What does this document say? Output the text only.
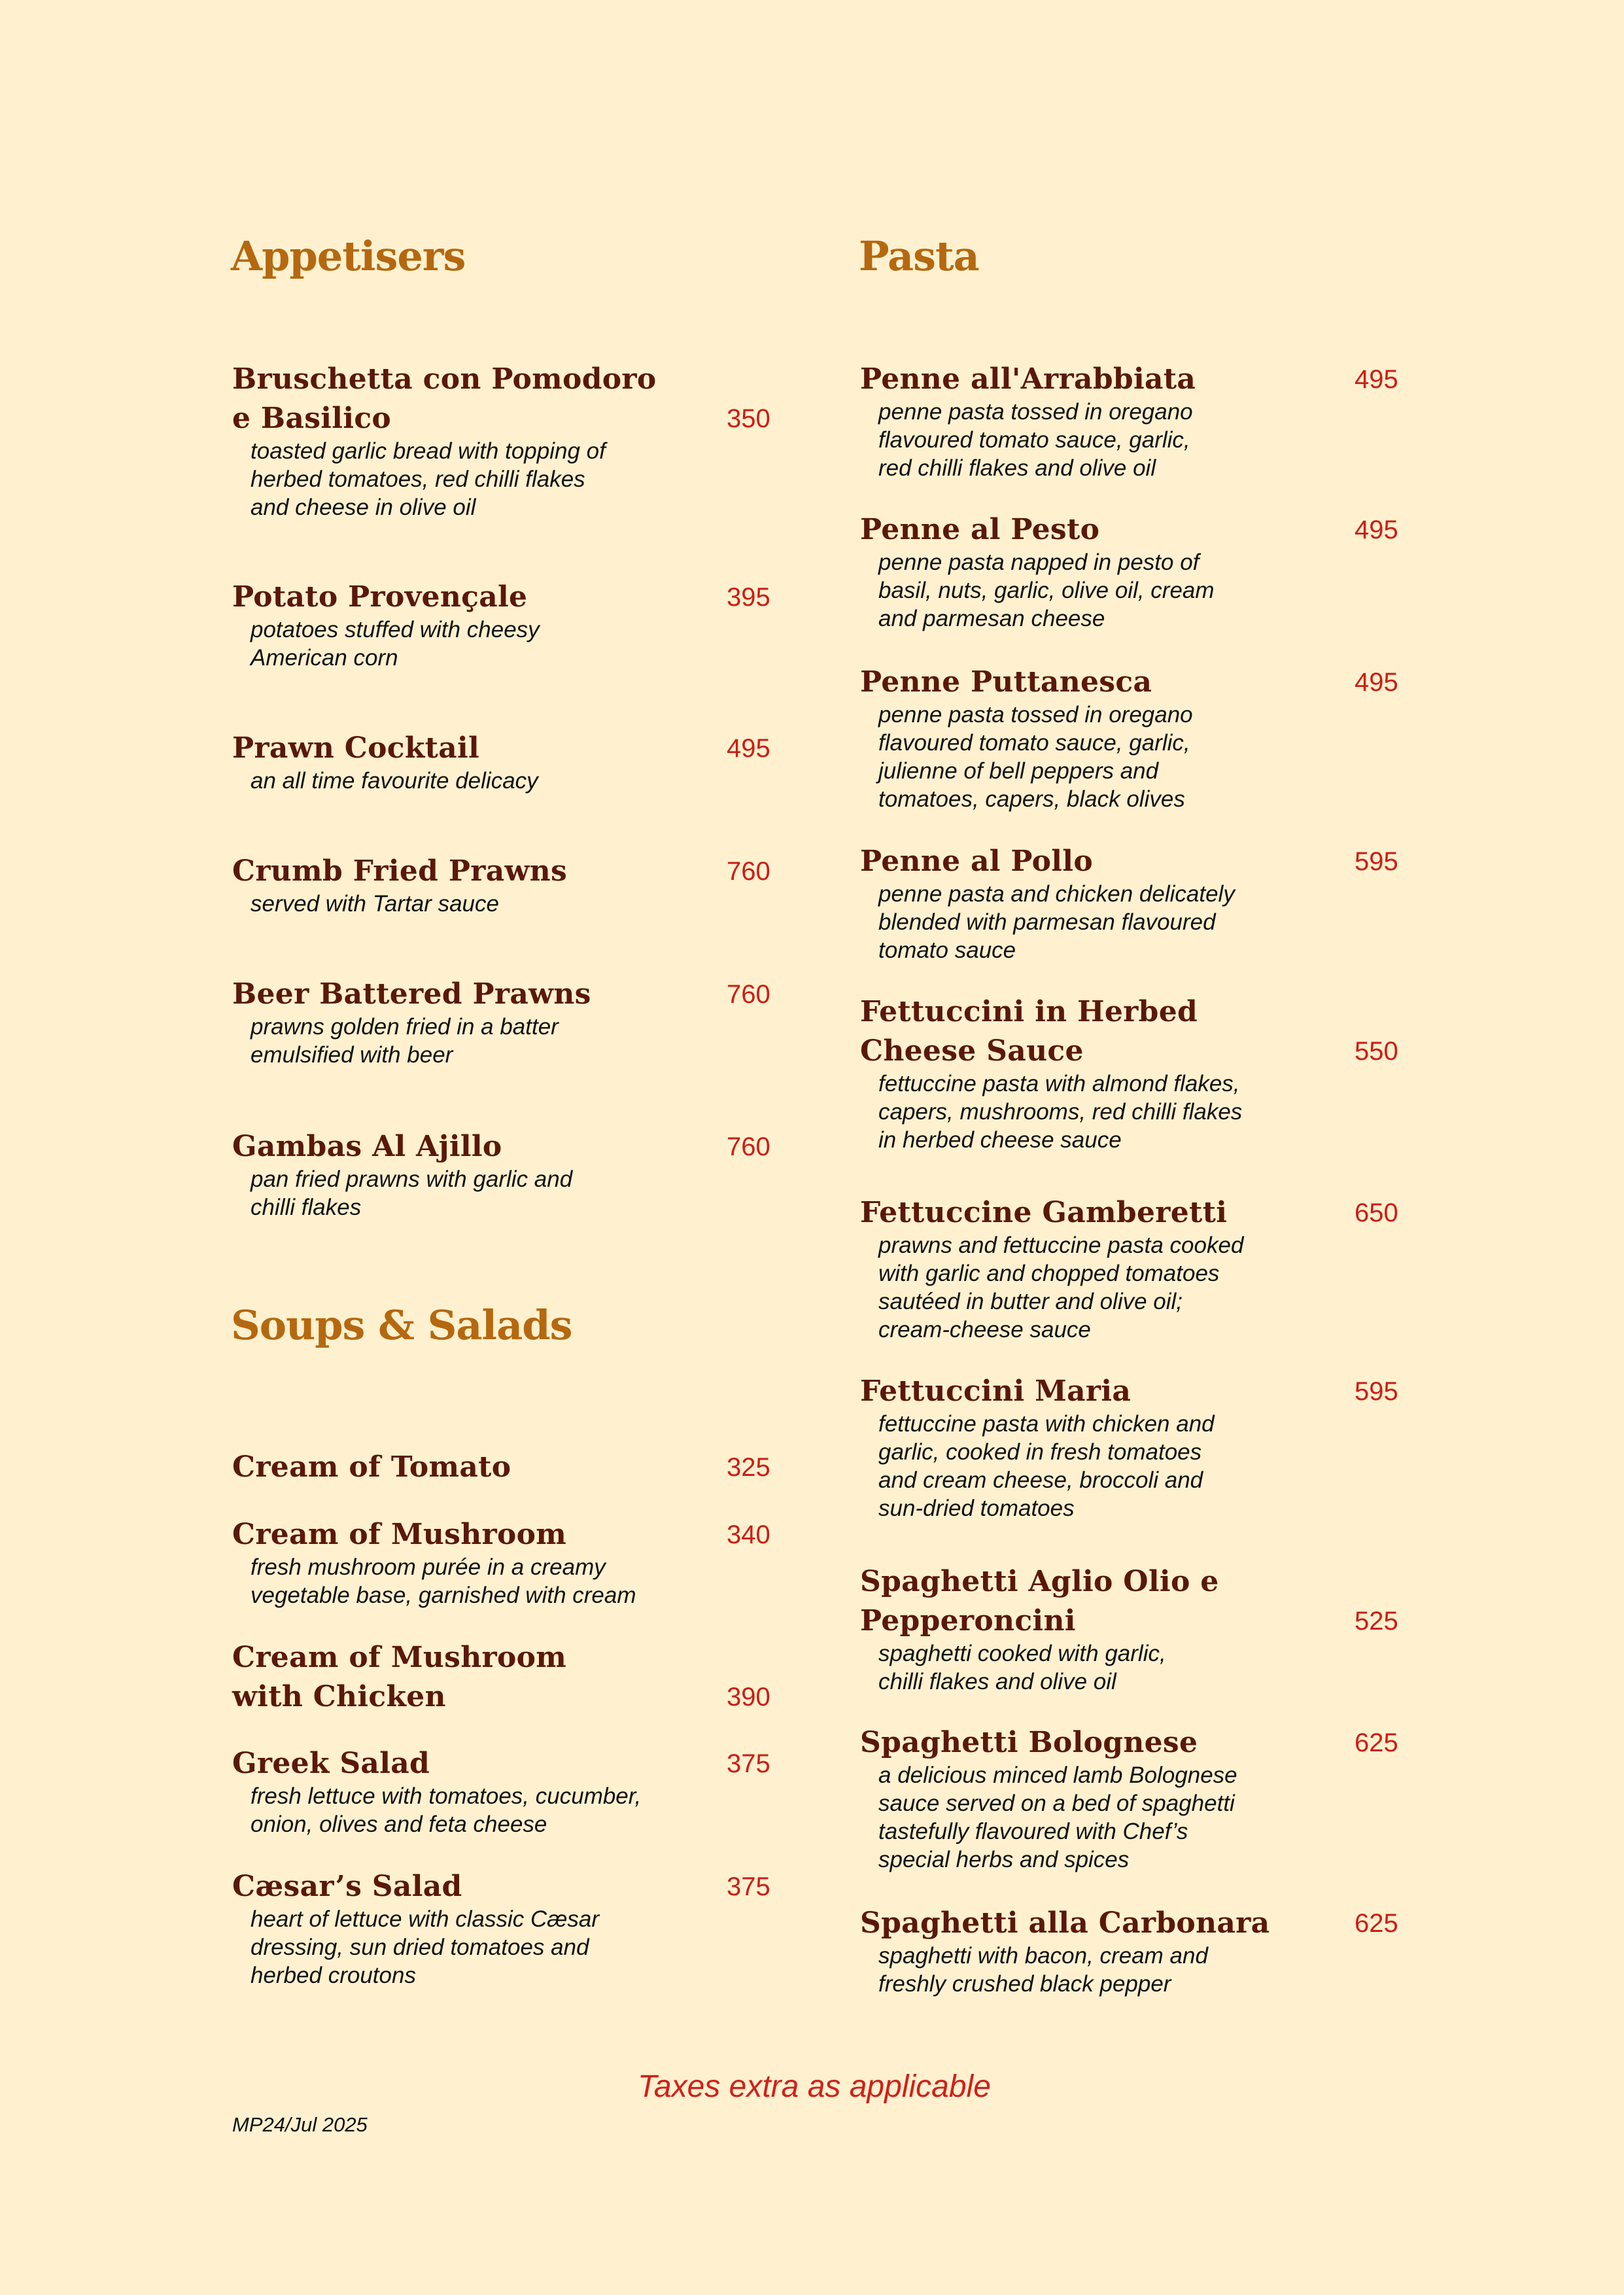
Appetisers
Bruschetta con Pomodoro
e Basilico	350
toasted garlic bread with topping of
herbed tomatoes, red chilli flakes
and cheese in olive oil
Potato Provençale	395
potatoes stuffed with cheesy
American corn
Prawn Cocktail	495
an all time favourite delicacy
Crumb Fried Prawns	760
served with Tartar sauce
Beer Battered Prawns	760
prawns golden fried in a batter
emulsified with beer
Gambas Al Ajillo	760
pan fried prawns with garlic and
chilli flakes
Soups & Salads
Cream of Tomato	325
Cream of Mushroom	340
fresh mushroom purée in a creamy
vegetable base, garnished with cream
Cream of Mushroom
with Chicken	390
Greek Salad	375
fresh lettuce with tomatoes, cucumber,
onion, olives and feta cheese
Cæsar’s Salad	375
heart of lettuce with classic Cæsar
dressing, sun dried tomatoes and
herbed croutons
Pasta
Penne all'Arrabbiata	495
penne pasta tossed in oregano
flavoured tomato sauce, garlic,
red chilli flakes and olive oil
Penne al Pesto	495
penne pasta napped in pesto of
basil, nuts, garlic, olive oil, cream
and parmesan cheese
Penne Puttanesca	495
penne pasta tossed in oregano
flavoured tomato sauce, garlic,
julienne of bell peppers and
tomatoes, capers, black olives
Penne al Pollo	595
penne pasta and chicken delicately
blended with parmesan flavoured
tomato sauce
Fettuccini in Herbed
Cheese Sauce	550
fettuccine pasta with almond flakes,
capers, mushrooms, red chilli flakes
in herbed cheese sauce
Fettuccine Gamberetti	650
prawns and fettuccine pasta cooked
with garlic and chopped tomatoes
sautéed in butter and olive oil;
cream-cheese sauce
Fettuccini Maria	595
fettuccine pasta with chicken and
garlic, cooked in fresh tomatoes
and cream cheese, broccoli and
sun-dried tomatoes
Spaghetti Aglio Olio e
Pepperoncini	525
spaghetti cooked with garlic,
chilli flakes and olive oil
Spaghetti Bolognese	625
a delicious minced lamb Bolognese
sauce served on a bed of spaghetti
tastefully flavoured with Chef’s
special herbs and spices
Spaghetti alla Carbonara	625
spaghetti with bacon, cream and
freshly crushed black pepper
Taxes extra as applicable
MP24/Jul 2025
